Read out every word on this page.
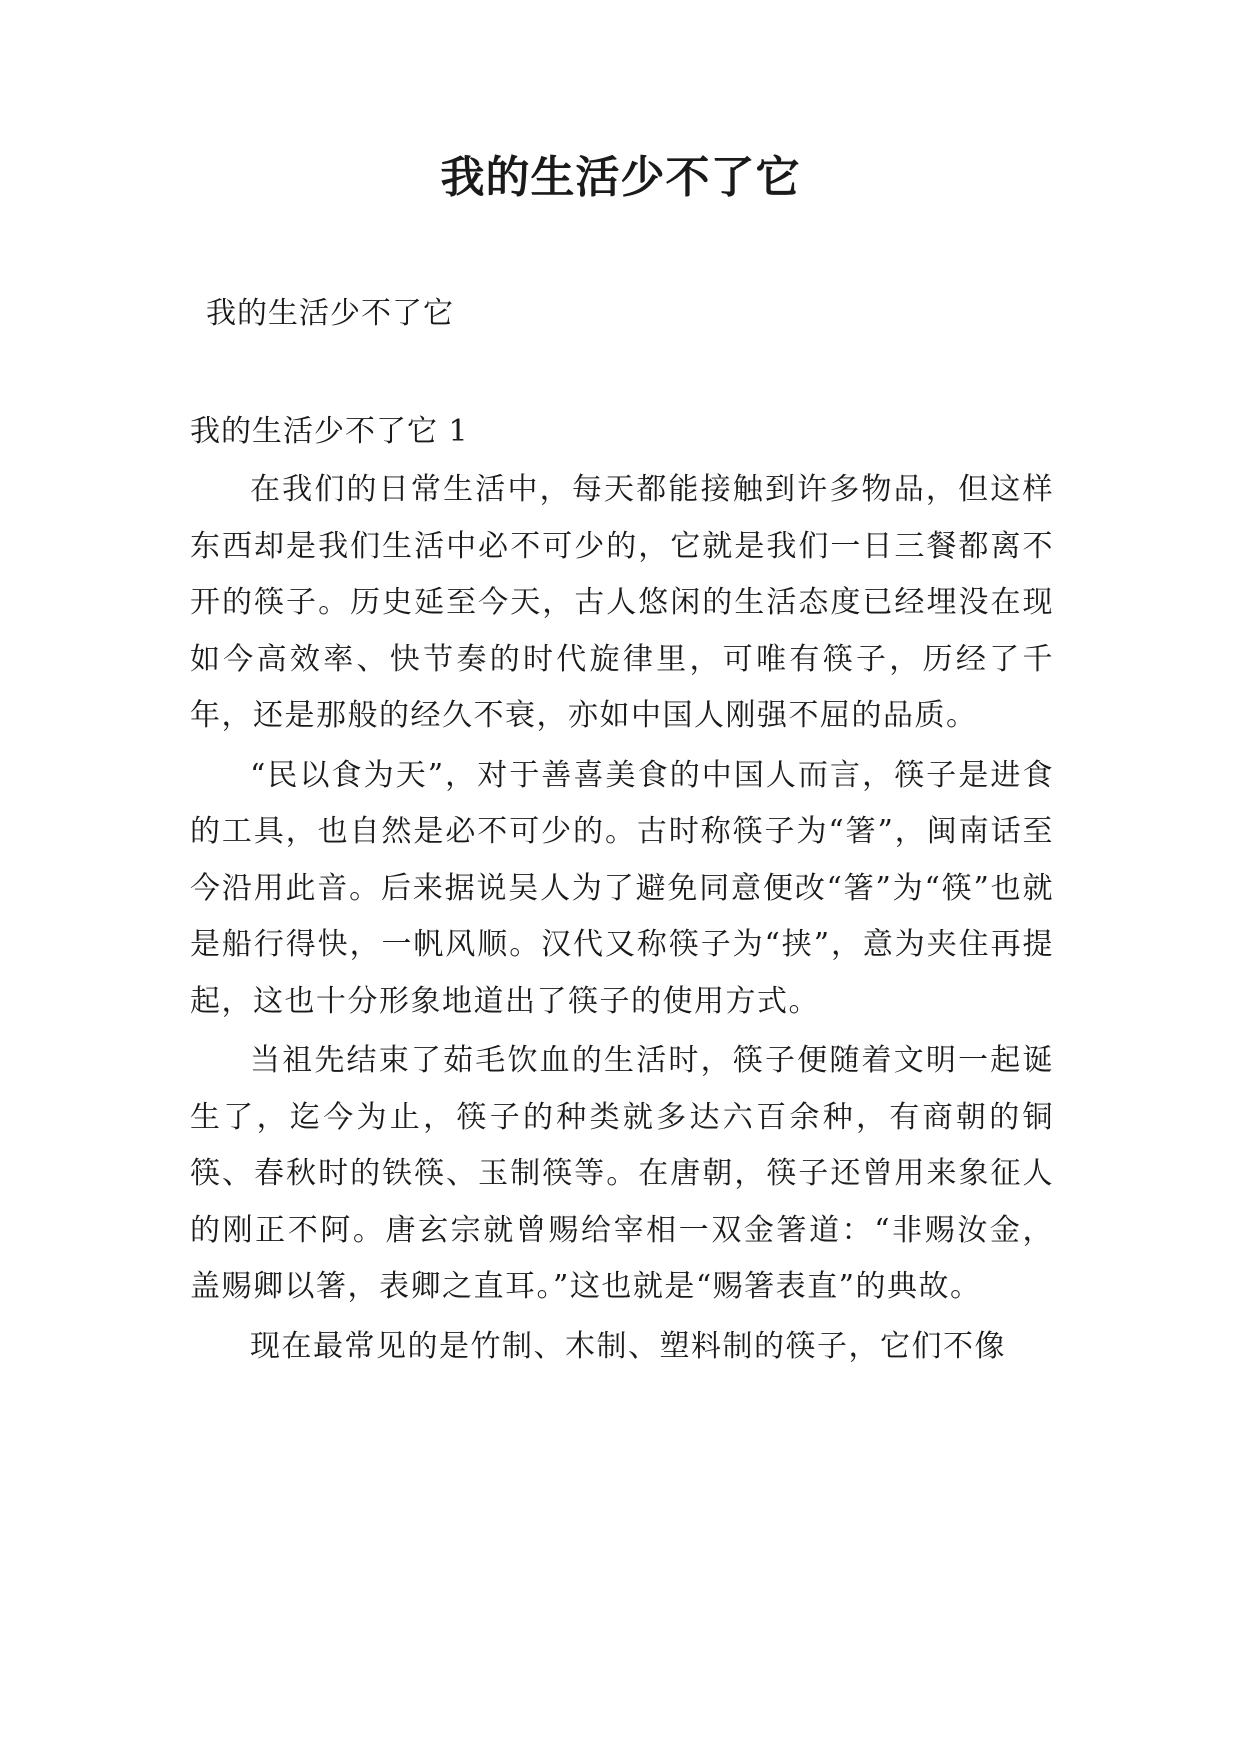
我的生活少不了它

我的生活少不了它

我的生活少不了它 1

在我们的日常生活中，每天都能接触到许多物品，但这样东西却是我们生活中必不可少的，它就是我们一日三餐都离不开的筷子。历史延至今天，古人悠闲的生活态度已经埋没在现如今高效率、快节奏的时代旋律里，可唯有筷子，历经了千年，还是那般的经久不衰，亦如中国人刚强不屈的品质。

“民以食为天”，对于善喜美食的中国人而言，筷子是进食的工具，也自然是必不可少的。古时称筷子为“箸”，闽南话至今沿用此音。后来据说吴人为了避免同意便改“箸”为“筷”也就是船行得快，一帆风顺。汉代又称筷子为“挟”，意为夹住再提起，这也十分形象地道出了筷子的使用方式。

当祖先结束了茹毛饮血的生活时，筷子便随着文明一起诞生了，迄今为止，筷子的种类就多达六百余种，有商朝的铜筷、春秋时的铁筷、玉制筷等。在唐朝，筷子还曾用来象征人的刚正不阿。唐玄宗就曾赐给宰相一双金箸道：“非赐汝金，盖赐卿以箸，表卿之直耳。”这也就是“赐箸表直”的典故。

现在最常见的是竹制、木制、塑料制的筷子，它们不像
